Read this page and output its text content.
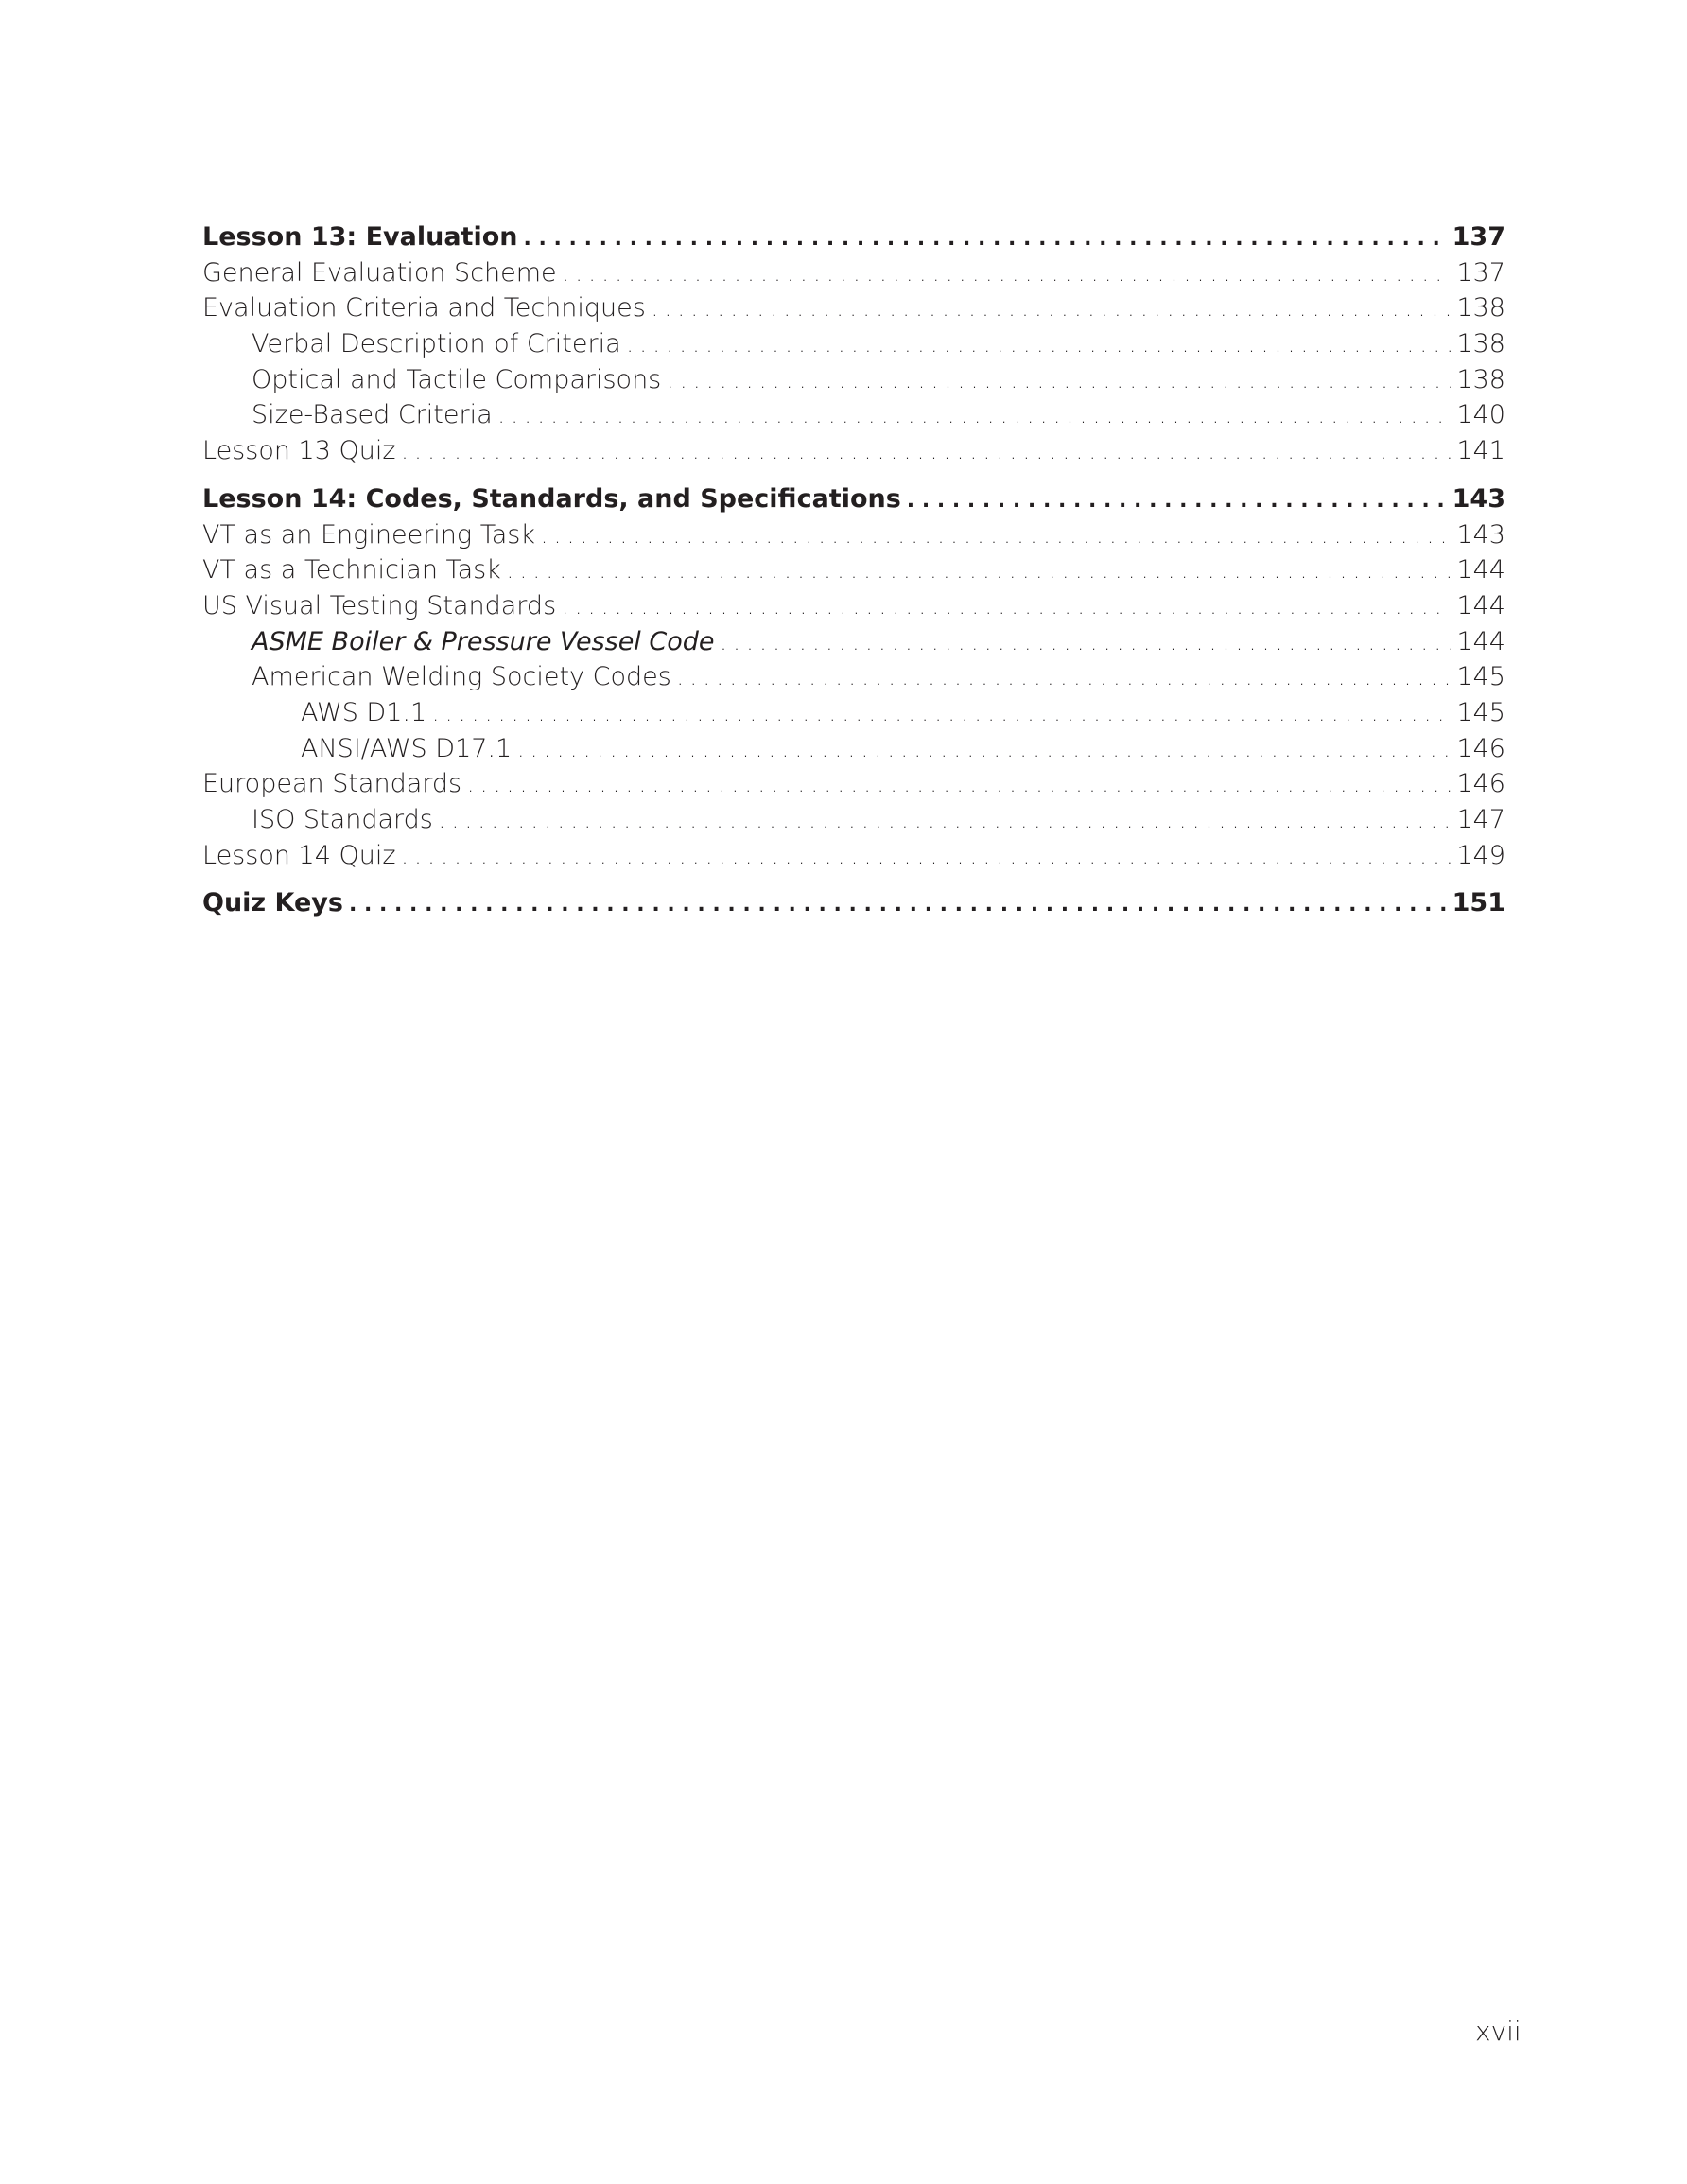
Lesson 13: Evaluation . . .	137
General Evaluation Scheme . . .	137
Evaluation Criteria and Techniques . . .	138
Verbal Description of Criteria . . .	138
Optical and Tactile Comparisons . . .	138
Size-Based Criteria . . .	140
Lesson 13 Quiz . . .	141
Lesson 14: Codes, Standards, and Specifications . . .	143
VT as an Engineering Task . . .	143
VT as a Technician Task . . .	144
US Visual Testing Standards . . .	144
ASME Boiler & Pressure Vessel Code . . .	144
American Welding Society Codes . . .	145
AWS D1.1 . . .	145
ANSI/AWS D17.1 . . .	146
European Standards . . .	146
ISO Standards . . .	147
Lesson 14 Quiz . . .	149
Quiz Keys . . .	151
xvii
